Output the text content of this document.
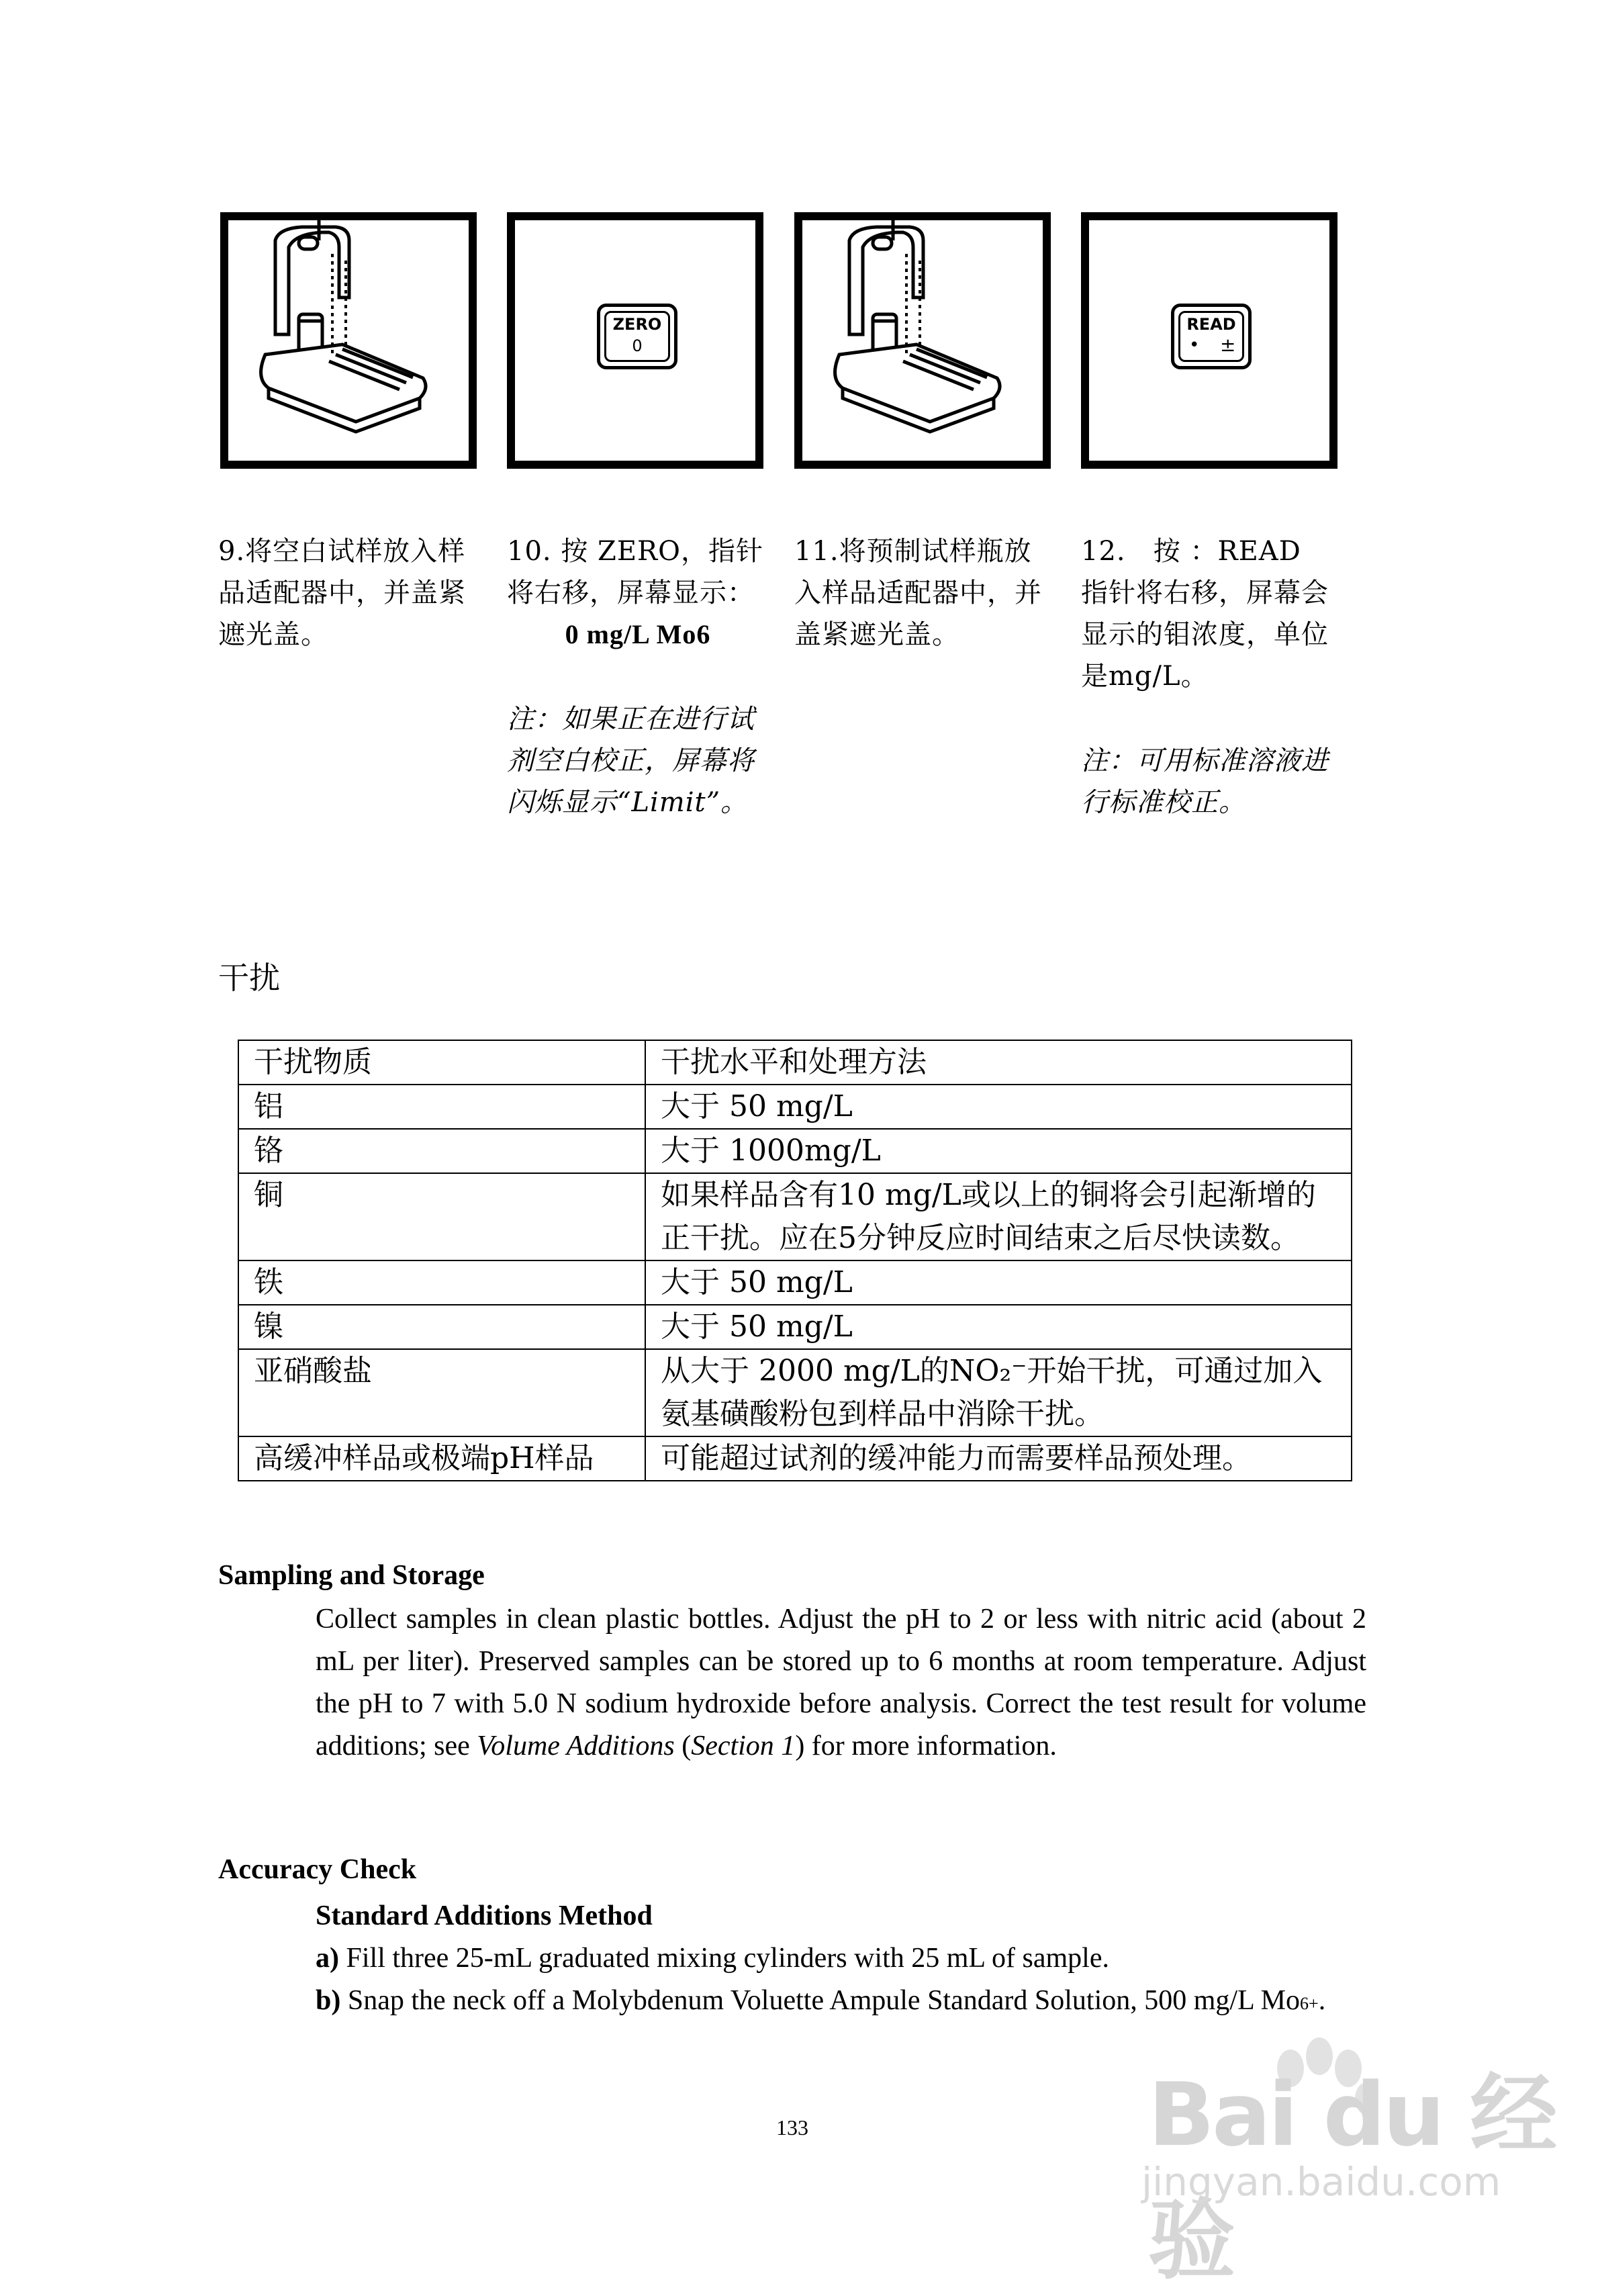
ZERO
0
READ
• ±
9.将空白试样放入样品适配器中，并盖紧遮光盖。
10. 按 ZERO，指针将右移，屏幕显示：
0 mg/L Mo6
注：如果正在进行试剂空白校正，屏幕将闪烁显示“Limit”。
11.将预制试样瓶放入样品适配器中，并盖紧遮光盖。
12. 按 ：READ
指针将右移，屏幕会显示的钼浓度，单位是mg/L。
注：可用标准溶液进行标准校正。
干扰
干扰物质	干扰水平和处理方法
铝	大于 50 mg/L
铬	大于 1000mg/L
铜	如果样品含有10 mg/L或以上的铜将会引起渐增的正干扰。应在5分钟反应时间结束之后尽快读数。
铁	大于 50 mg/L
镍	大于 50 mg/L
亚硝酸盐	从大于 2000 mg/L的NO₂⁻开始干扰，可通过加入氨基磺酸粉包到样品中消除干扰。
高缓冲样品或极端pH样品	可能超过试剂的缓冲能力而需要样品预处理。
Sampling and Storage
Collect samples in clean plastic bottles. Adjust the pH to 2 or less with nitric acid (about 2 mL per liter). Preserved samples can be stored up to 6 months at room temperature. Adjust the pH to 7 with 5.0 N sodium hydroxide before analysis. Correct the test result for volume additions; see Volume Additions (Section 1) for more information.
Accuracy Check
Standard Additions Method
a) Fill three 25-mL graduated mixing cylinders with 25 mL of sample.
b) Snap the neck off a Molybdenum Voluette Ampule Standard Solution, 500 mg/L Mo6+.
133	Bai du 经验
jingyan.baidu.com
